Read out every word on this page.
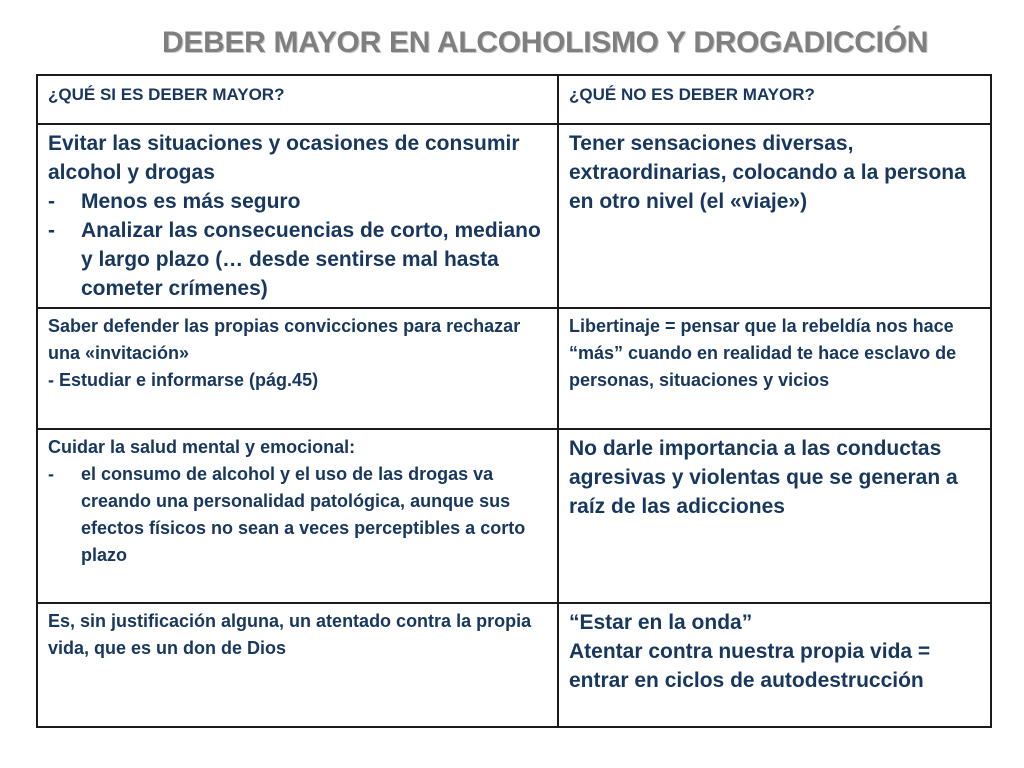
DEBER MAYOR EN ALCOHOLISMO Y DROGADICCIÓN
¿QUÉ SI ES DEBER MAYOR?	¿QUÉ NO ES DEBER MAYOR?

Evitar las situaciones y ocasiones de consumir alcohol y drogas
- Menos es más seguro
- Analizar las consecuencias de corto, mediano y largo plazo (… desde sentirse mal hasta cometer crímenes)	Tener sensaciones diversas, extraordinarias, colocando a la persona en otro nivel (el «viaje»)

Saber defender las propias convicciones para rechazar una «invitación»
- Estudiar e informarse (pág.45)	Libertinaje = pensar que la rebeldía nos hace “más” cuando en realidad te hace esclavo de personas, situaciones y vicios

Cuidar la salud mental y emocional:
- el consumo de alcohol y el uso de las drogas va creando una personalidad patológica, aunque sus efectos físicos no sean a veces perceptibles a corto plazo	No darle importancia a las conductas agresivas y violentas que se generan a raíz de las adicciones

Es, sin justificación alguna, un atentado contra la propia vida, que es un don de Dios	“Estar en la onda”
Atentar contra nuestra propia vida = entrar en ciclos de autodestrucción
